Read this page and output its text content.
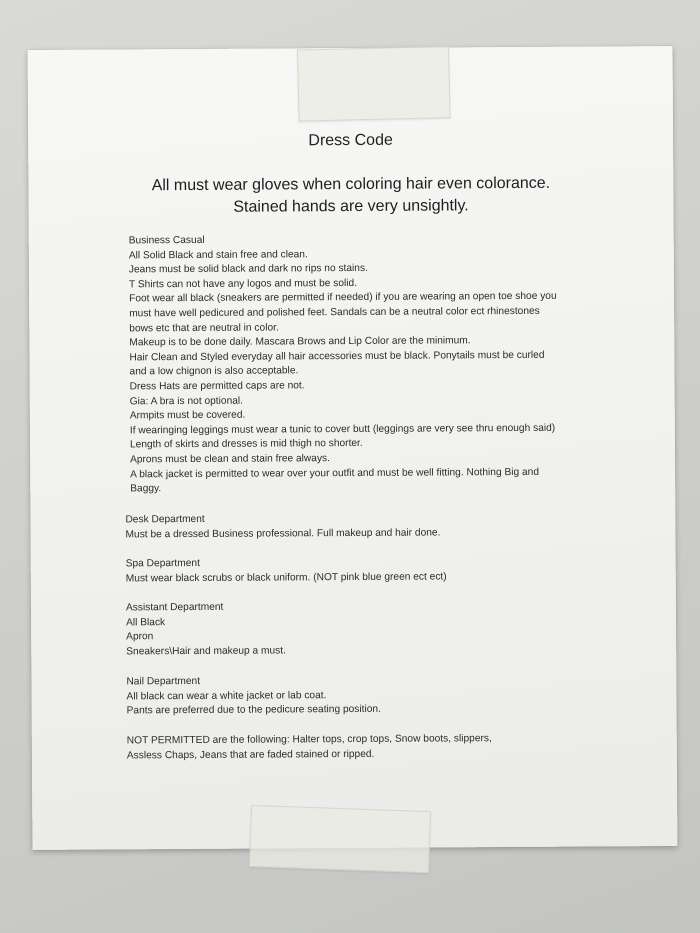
Dress Code
All must wear gloves when coloring hair even colorance.
Stained hands are very unsightly.
Business Casual
All Solid Black and stain free and clean.
Jeans must be solid black and dark no rips no stains.
T Shirts can not have any logos and must be solid.
Foot wear all black (sneakers are permitted if needed) if you are wearing an open toe shoe you
must have well pedicured and polished feet. Sandals can be a neutral color ect rhinestones
bows etc that are neutral in color.
Makeup is to be done daily. Mascara Brows and Lip Color are the minimum.
Hair Clean and Styled everyday all hair accessories must be black. Ponytails must be curled
and a low chignon is also acceptable.
Dress Hats are permitted caps are not.
Gia: A bra is not optional.
Armpits must be covered.
If wearinging leggings must wear a tunic to cover butt (leggings are very see thru enough said)
Length of skirts and dresses is mid thigh no shorter.
Aprons must be clean and stain free always.
A black jacket is permitted to wear over your outfit and must be well fitting. Nothing Big and
Baggy.
Desk Department
Must be a dressed Business professional. Full makeup and hair done.
Spa Department
Must wear black scrubs or black uniform. (NOT pink blue green ect ect)
Assistant Department
All Black
Apron
Sneakers\Hair and makeup a must.
Nail Department
All black can wear a white jacket or lab coat.
Pants are preferred due to the pedicure seating position.
NOT PERMITTED are the following: Halter tops, crop tops, Snow boots, slippers,
Assless Chaps, Jeans that are faded stained or ripped.
